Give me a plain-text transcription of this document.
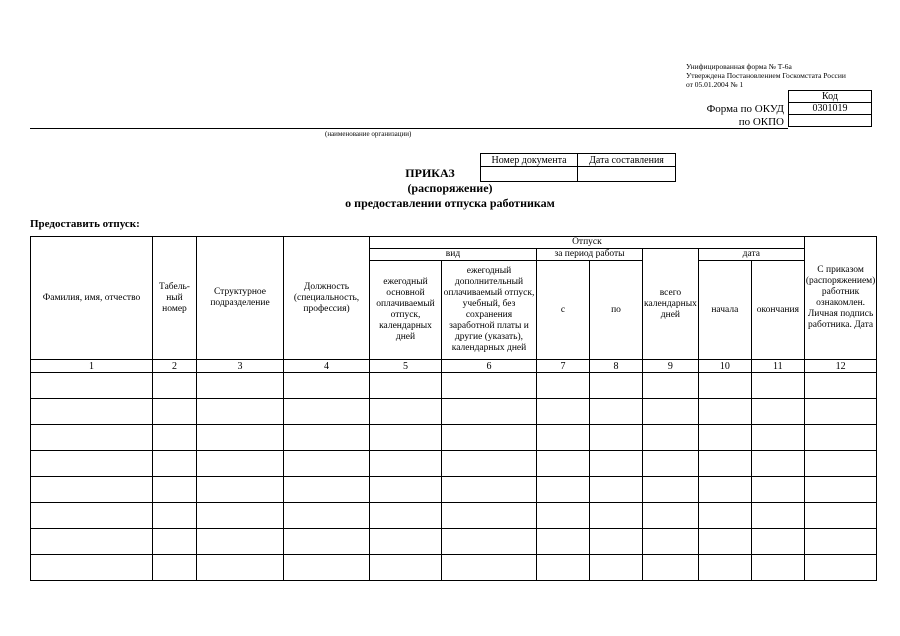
Унифицированная форма № Т-6а
Утверждена Постановлением Госкомстата России
от 05.01.2004 № 1
Код
0301019

Форма по ОКУД
по ОКПО
(наименование организации)
Номер документа	Дата составления

ПРИКАЗ
(распоряжение)
о предоставлении отпуска работникам
Предоставить отпуск:
Фамилия, имя, отчество	Табель-ный номер	Структурное подразделение	Должность (специальность, профессия)	Отпуск							С приказом (распоряжением) работник ознакомлен. Личная подпись работника. Дата
				вид		за период работы		всего календарных дней	дата		
				ежегодный основной оплачиваемый отпуск, календарных дней	ежегодный дополнительный оплачиваемый отпуск, учебный, без сохранения заработной платы и другие (указать), календарных дней	с	по		начала	окончания	
1	2	3	4	5	6	7	8	9	10	11	12
